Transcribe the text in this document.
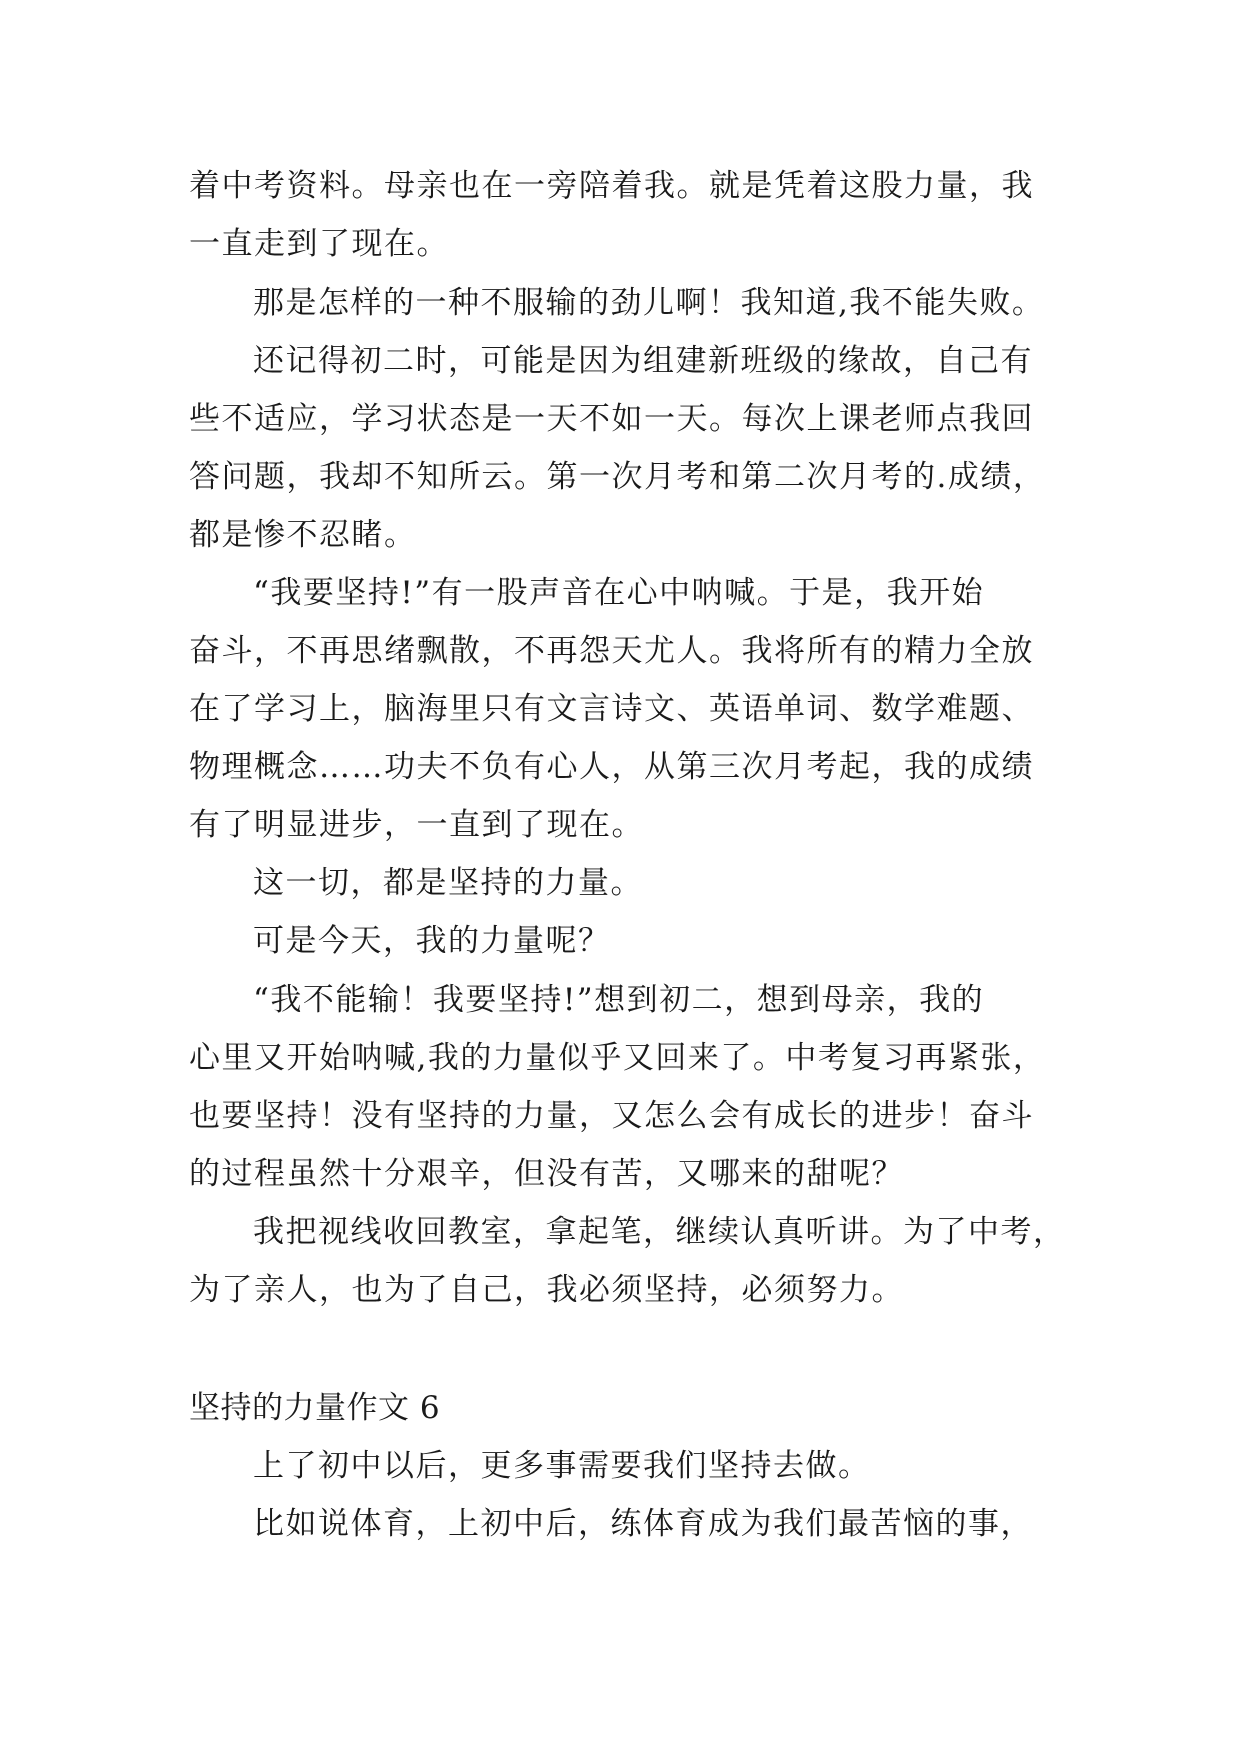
着中考资料。母亲也在一旁陪着我。就是凭着这股力量，我
一直走到了现在。
那是怎样的一种不服输的劲儿啊！我知道,我不能失败。
还记得初二时，可能是因为组建新班级的缘故，自己有
些不适应，学习状态是一天不如一天。每次上课老师点我回
答问题，我却不知所云。第一次月考和第二次月考的.成绩，
都是惨不忍睹。
“我要坚持!”有一股声音在心中呐喊。于是，我开始
奋斗，不再思绪飘散，不再怨天尤人。我将所有的精力全放
在了学习上，脑海里只有文言诗文、英语单词、数学难题、
物理概念……功夫不负有心人，从第三次月考起，我的成绩
有了明显进步，一直到了现在。
这一切，都是坚持的力量。
可是今天，我的力量呢？
“我不能输！我要坚持!”想到初二，想到母亲，我的
心里又开始呐喊,我的力量似乎又回来了。中考复习再紧张，
也要坚持！没有坚持的力量，又怎么会有成长的进步！奋斗
的过程虽然十分艰辛，但没有苦，又哪来的甜呢？
我把视线收回教室，拿起笔，继续认真听讲。为了中考，
为了亲人，也为了自己，我必须坚持，必须努力。
坚持的力量作文 6
上了初中以后，更多事需要我们坚持去做。
比如说体育，上初中后，练体育成为我们最苦恼的事，
